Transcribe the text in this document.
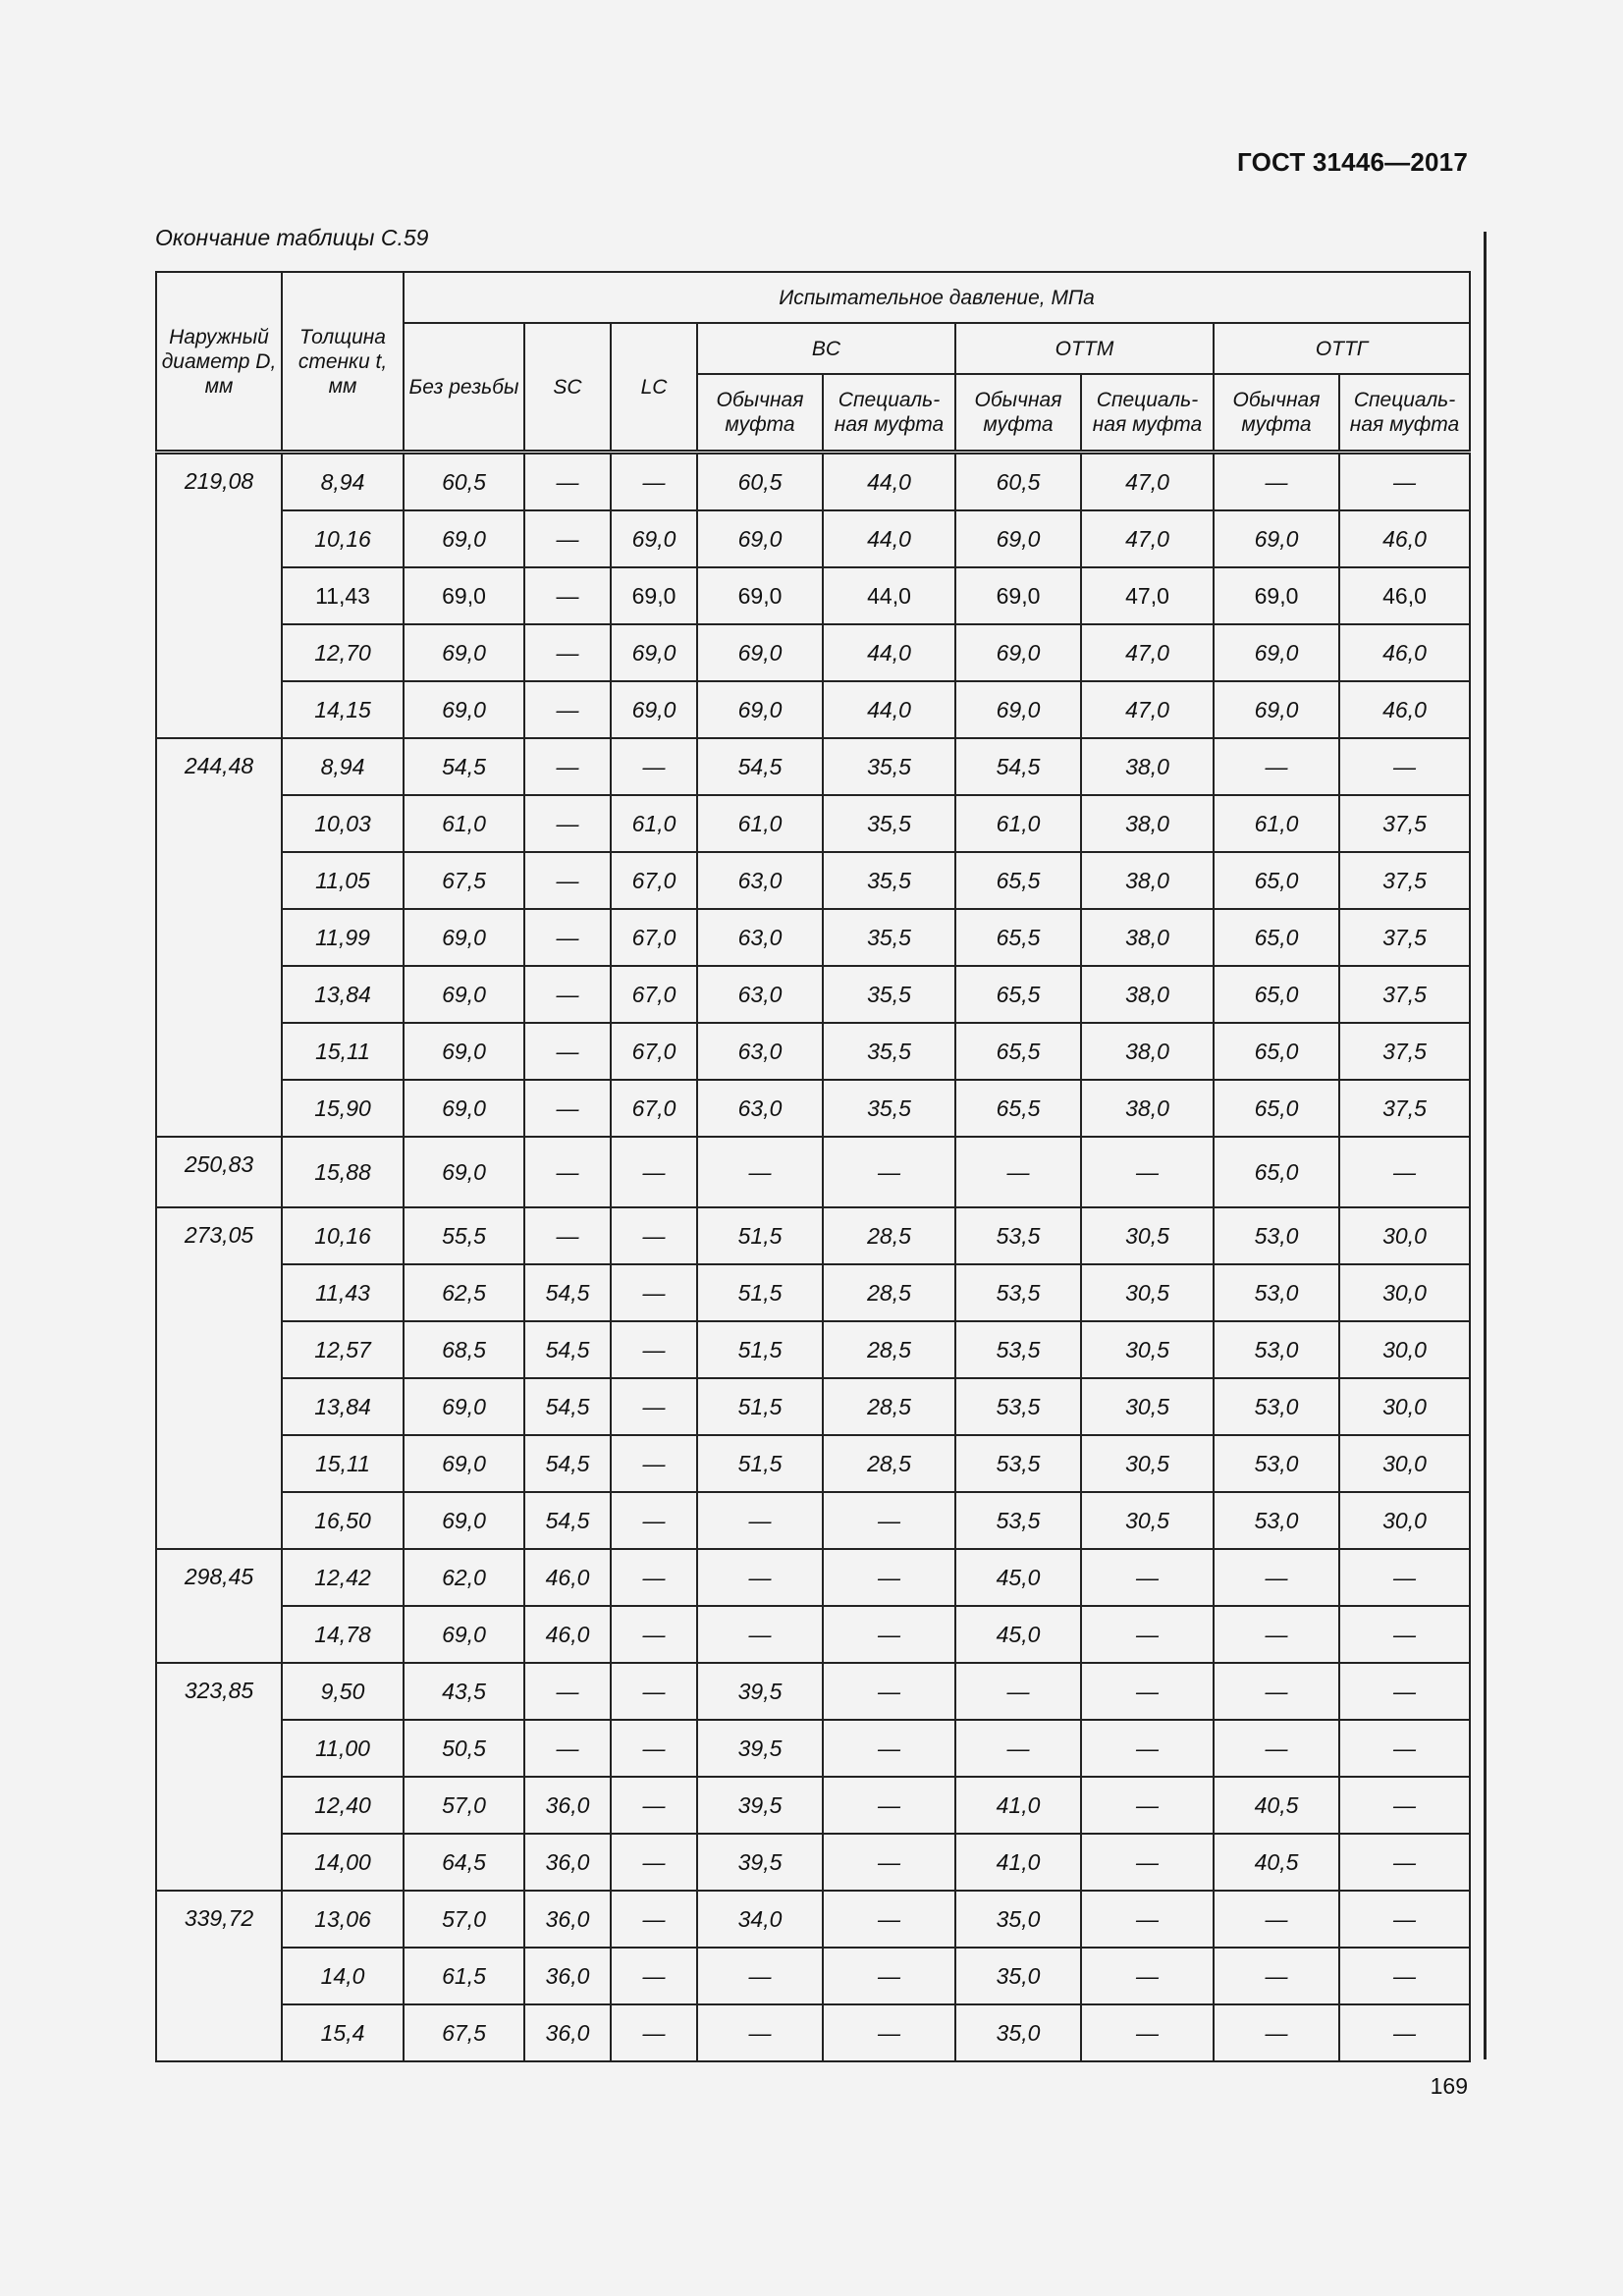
ГОСТ 31446—2017
Окончание таблицы С.59
Наружный диаметр D, мм	Толщина стенки t, мм	Испытательное давление, МПа								
		Без резьбы	SC	LC	BC		ОТТМ		ОТТГ	
					Обычная муфта	Специаль-ная муфта	Обычная муфта	Специаль-ная муфта	Обычная муфта	Специаль-ная муфта
219,08	8,94	60,5	—	—	60,5	44,0	60,5	47,0	—	—
	10,16	69,0	—	69,0	69,0	44,0	69,0	47,0	69,0	46,0
	11,43	69,0	—	69,0	69,0	44,0	69,0	47,0	69,0	46,0
	12,70	69,0	—	69,0	69,0	44,0	69,0	47,0	69,0	46,0
	14,15	69,0	—	69,0	69,0	44,0	69,0	47,0	69,0	46,0
244,48	8,94	54,5	—	—	54,5	35,5	54,5	38,0	—	—
	10,03	61,0	—	61,0	61,0	35,5	61,0	38,0	61,0	37,5
	11,05	67,5	—	67,0	63,0	35,5	65,5	38,0	65,0	37,5
	11,99	69,0	—	67,0	63,0	35,5	65,5	38,0	65,0	37,5
	13,84	69,0	—	67,0	63,0	35,5	65,5	38,0	65,0	37,5
	15,11	69,0	—	67,0	63,0	35,5	65,5	38,0	65,0	37,5
	15,90	69,0	—	67,0	63,0	35,5	65,5	38,0	65,0	37,5
250,83	15,88	69,0	—	—	—	—	—	—	65,0	—
273,05	10,16	55,5	—	—	51,5	28,5	53,5	30,5	53,0	30,0
	11,43	62,5	54,5	—	51,5	28,5	53,5	30,5	53,0	30,0
	12,57	68,5	54,5	—	51,5	28,5	53,5	30,5	53,0	30,0
	13,84	69,0	54,5	—	51,5	28,5	53,5	30,5	53,0	30,0
	15,11	69,0	54,5	—	51,5	28,5	53,5	30,5	53,0	30,0
	16,50	69,0	54,5	—	—	—	53,5	30,5	53,0	30,0
298,45	12,42	62,0	46,0	—	—	—	45,0	—	—	—
	14,78	69,0	46,0	—	—	—	45,0	—	—	—
323,85	9,50	43,5	—	—	39,5	—	—	—	—	—
	11,00	50,5	—	—	39,5	—	—	—	—	—
	12,40	57,0	36,0	—	39,5	—	41,0	—	40,5	—
	14,00	64,5	36,0	—	39,5	—	41,0	—	40,5	—
339,72	13,06	57,0	36,0	—	34,0	—	35,0	—	—	—
	14,0	61,5	36,0	—	—	—	35,0	—	—	—
	15,4	67,5	36,0	—	—	—	35,0	—	—	—
169
